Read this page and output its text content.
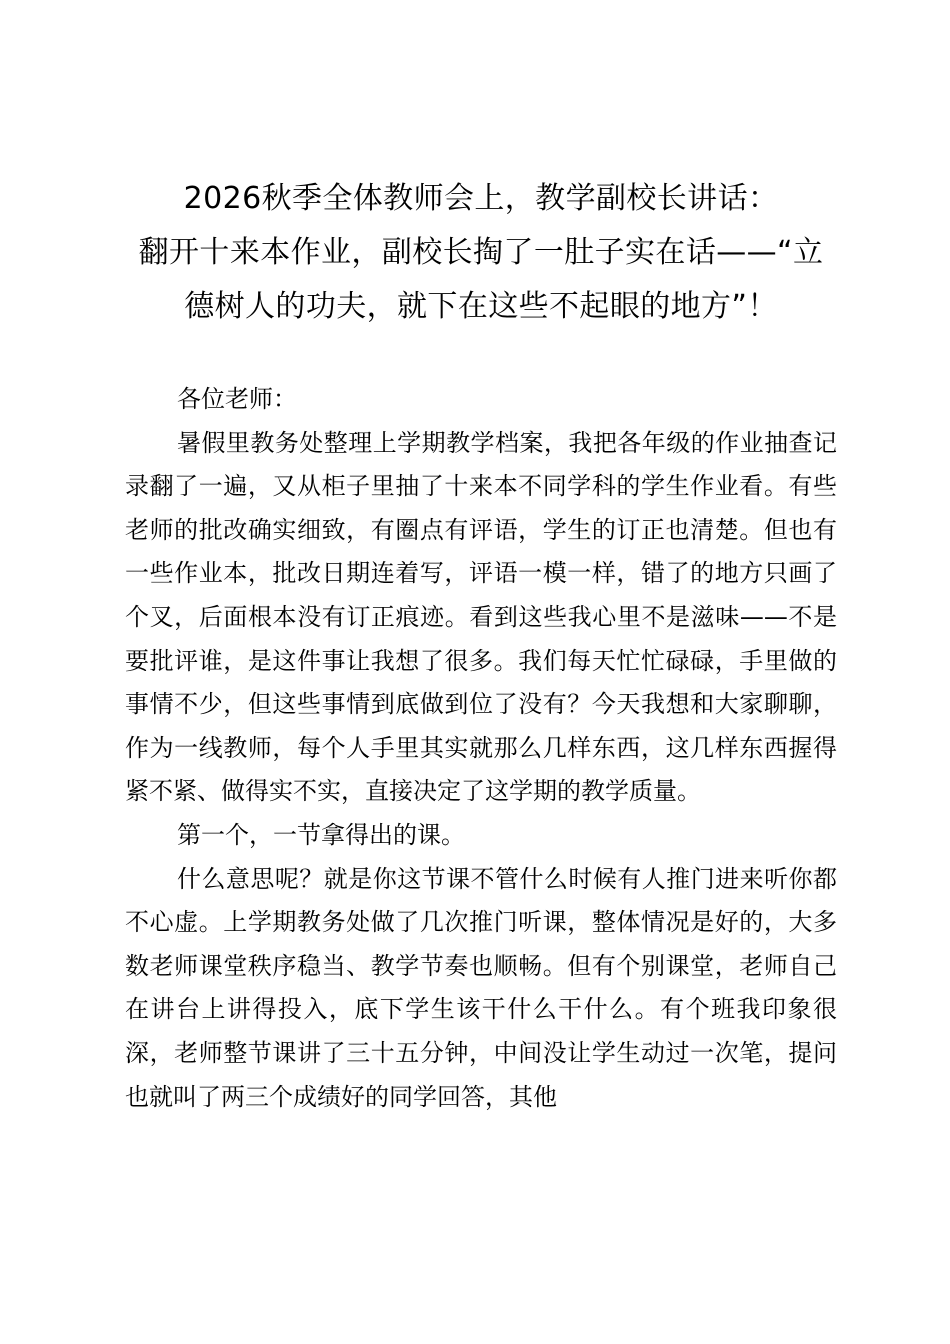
2026秋季全体教师会上，教学副校长讲话：
翻开十来本作业，副校长掏了一肚子实在话——“立德树人的功夫，就下在这些不起眼的地方”！

各位老师：

暑假里教务处整理上学期教学档案，我把各年级的作业抽查记录翻了一遍，又从柜子里抽了十来本不同学科的学生作业看。有些老师的批改确实细致，有圈点有评语，学生的订正也清楚。但也有一些作业本，批改日期连着写，评语一模一样，错了的地方只画了个叉，后面根本没有订正痕迹。看到这些我心里不是滋味——不是要批评谁，是这件事让我想了很多。我们每天忙忙碌碌，手里做的事情不少，但这些事情到底做到位了没有？今天我想和大家聊聊，作为一线教师，每个人手里其实就那么几样东西，这几样东西握得紧不紧、做得实不实，直接决定了这学期的教学质量。

第一个，一节拿得出的课。

什么意思呢？就是你这节课不管什么时候有人推门进来听你都不心虚。上学期教务处做了几次推门听课，整体情况是好的，大多数老师课堂秩序稳当、教学节奏也顺畅。但有个别课堂，老师自己在讲台上讲得投入，底下学生该干什么干什么。有个班我印象很深，老师整节课讲了三十五分钟，中间没让学生动过一次笔，提问也就叫了两三个成绩好的同学回答，其他
